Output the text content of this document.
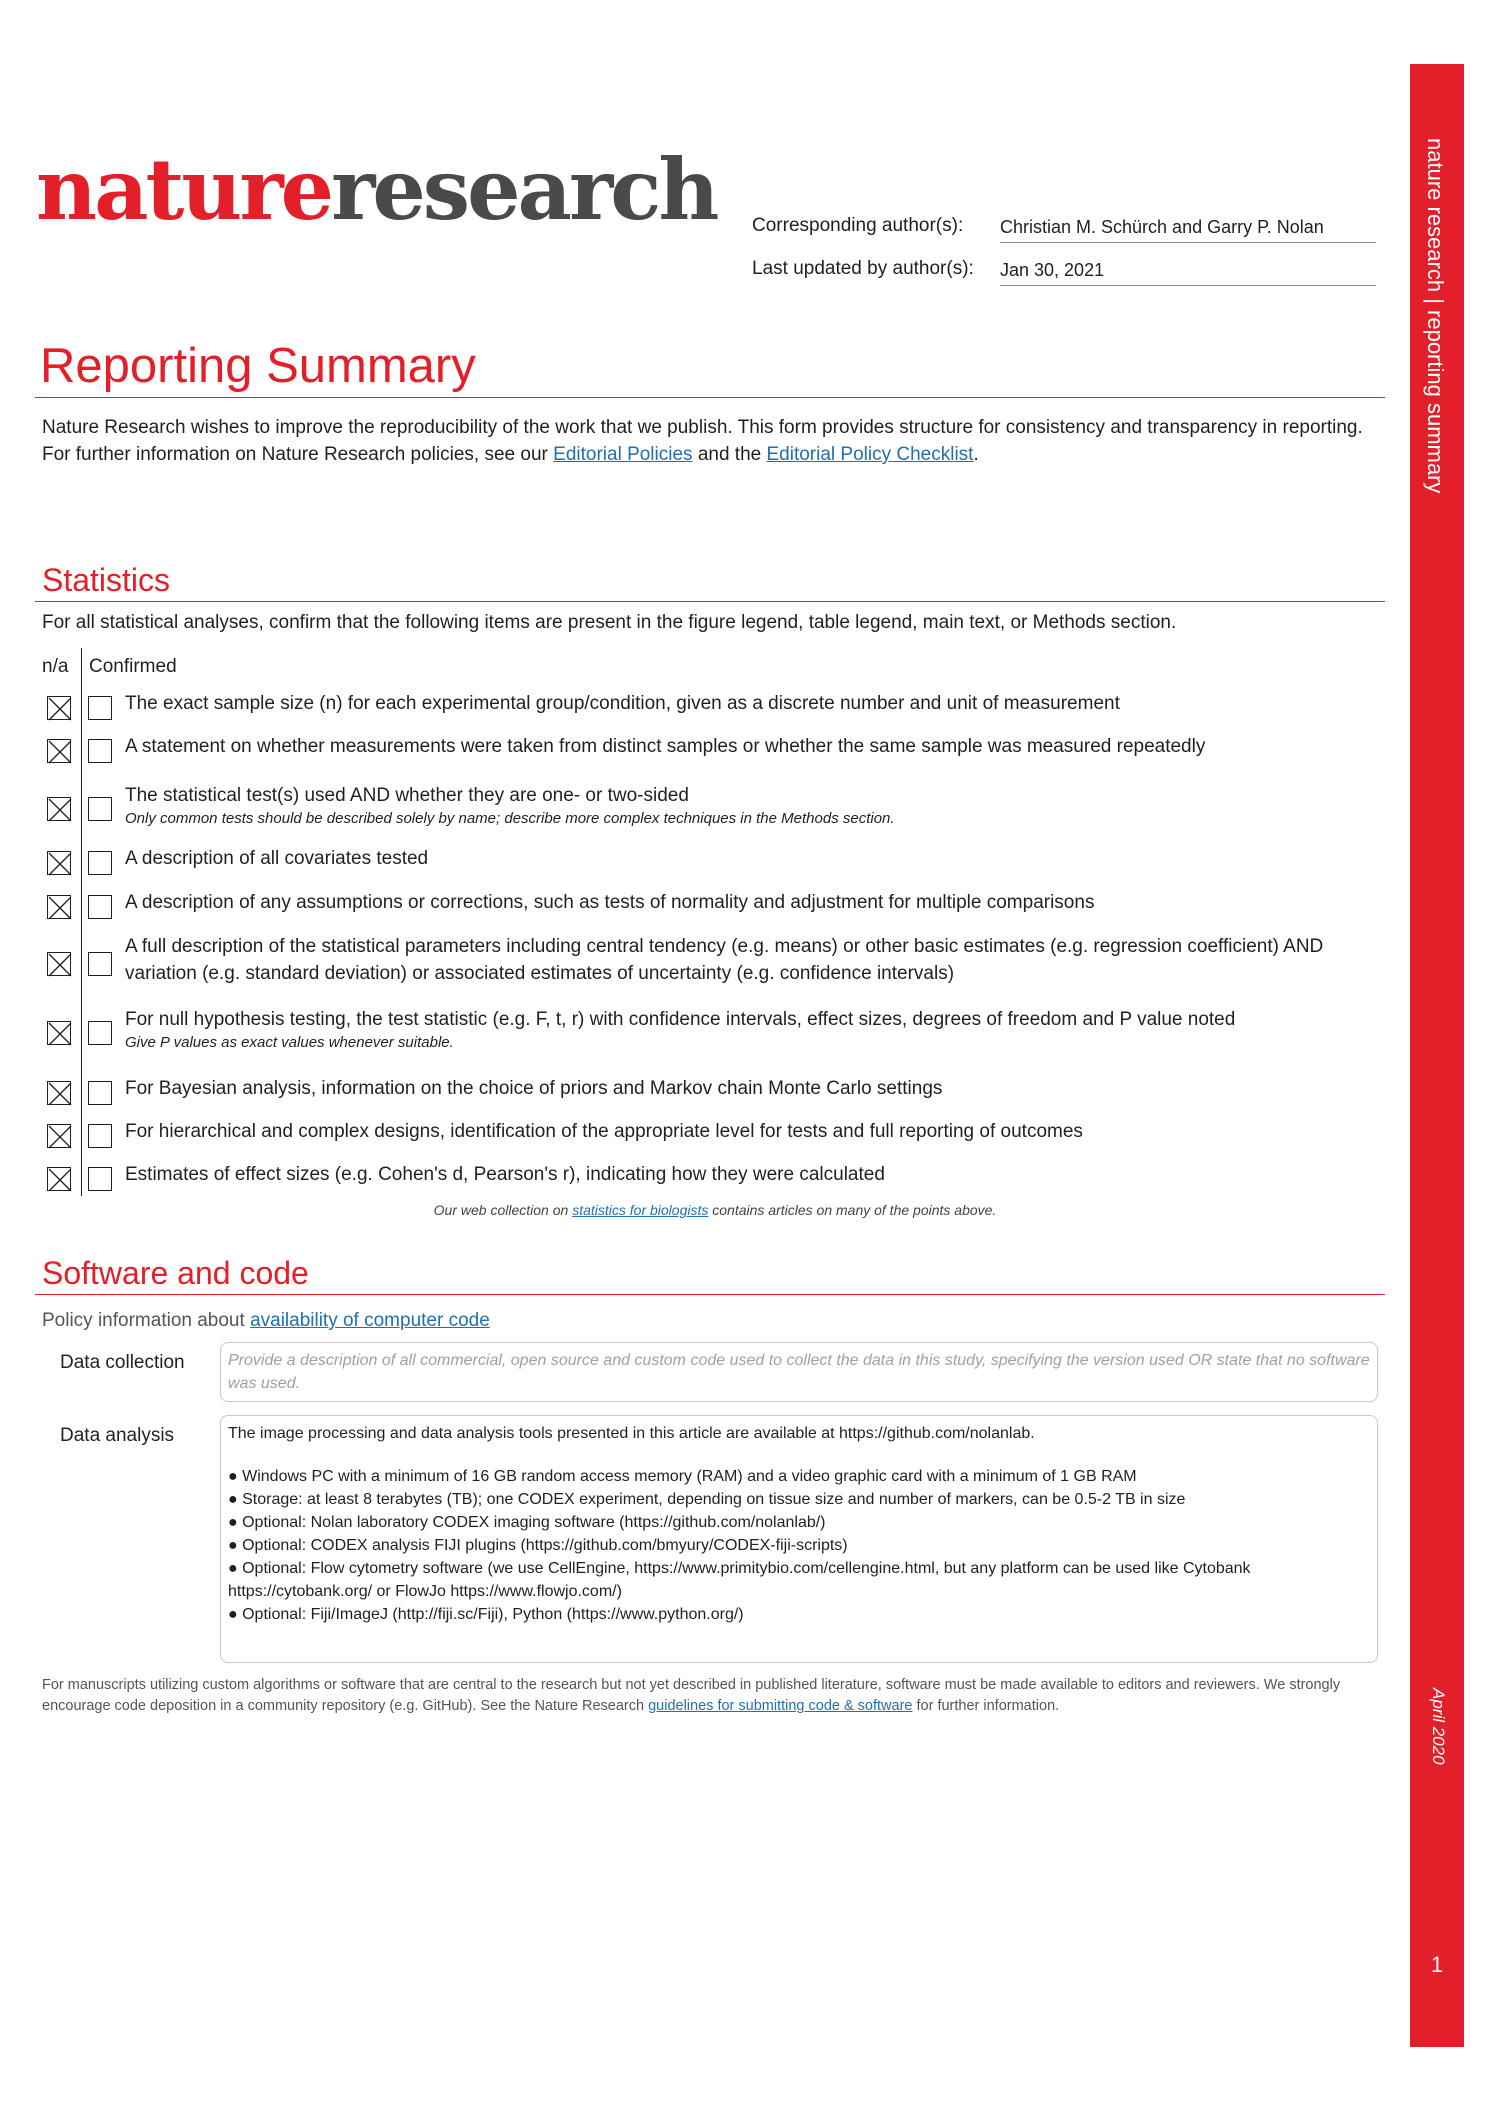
nature research | reporting summary
April 2020
1
natureresearch Corresponding author(s): Christian M. Schürch and Garry P. Nolan
Last updated by author(s): Jan 30, 2021
Reporting Summary
Nature Research wishes to improve the reproducibility of the work that we publish. This form provides structure for consistency and transparency in reporting. For further information on Nature Research policies, see our Editorial Policies and the Editorial Policy Checklist.
Statistics
For all statistical analyses, confirm that the following items are present in the figure legend, table legend, main text, or Methods section.
n/a Confirmed
The exact sample size (n) for each experimental group/condition, given as a discrete number and unit of measurement
A statement on whether measurements were taken from distinct samples or whether the same sample was measured repeatedly
The statistical test(s) used AND whether they are one- or two-sided
Only common tests should be described solely by name; describe more complex techniques in the Methods section.
A description of all covariates tested
A description of any assumptions or corrections, such as tests of normality and adjustment for multiple comparisons
A full description of the statistical parameters including central tendency (e.g. means) or other basic estimates (e.g. regression coefficient) AND variation (e.g. standard deviation) or associated estimates of uncertainty (e.g. confidence intervals)
For null hypothesis testing, the test statistic (e.g. F, t, r) with confidence intervals, effect sizes, degrees of freedom and P value noted
Give P values as exact values whenever suitable.
For Bayesian analysis, information on the choice of priors and Markov chain Monte Carlo settings
For hierarchical and complex designs, identification of the appropriate level for tests and full reporting of outcomes
Estimates of effect sizes (e.g. Cohen's d, Pearson's r), indicating how they were calculated
Our web collection on statistics for biologists contains articles on many of the points above.
Software and code
Policy information about availability of computer code
Data collection	Provide a description of all commercial, open source and custom code used to collect the data in this study, specifying the version used OR state that no software was used.
Data analysis	The image processing and data analysis tools presented in this article are available at https://github.com/nolanlab.

● Windows PC with a minimum of 16 GB random access memory (RAM) and a video graphic card with a minimum of 1 GB RAM

● Storage: at least 8 terabytes (TB); one CODEX experiment, depending on tissue size and number of markers, can be 0.5-2 TB in size

● Optional: Nolan laboratory CODEX imaging software (https://github.com/nolanlab/)

● Optional: CODEX analysis FIJI plugins (https://github.com/bmyury/CODEX-fiji-scripts)

● Optional: Flow cytometry software (we use CellEngine, https://www.primitybio.com/cellengine.html, but any platform can be used like Cytobank https://cytobank.org/ or FlowJo https://www.flowjo.com/)

● Optional: Fiji/ImageJ (http://fiji.sc/Fiji), Python (https://www.python.org/)

For manuscripts utilizing custom algorithms or software that are central to the research but not yet described in published literature, software must be made available to editors and reviewers. We strongly encourage code deposition in a community repository (e.g. GitHub). See the Nature Research guidelines for submitting code & software for further information.
